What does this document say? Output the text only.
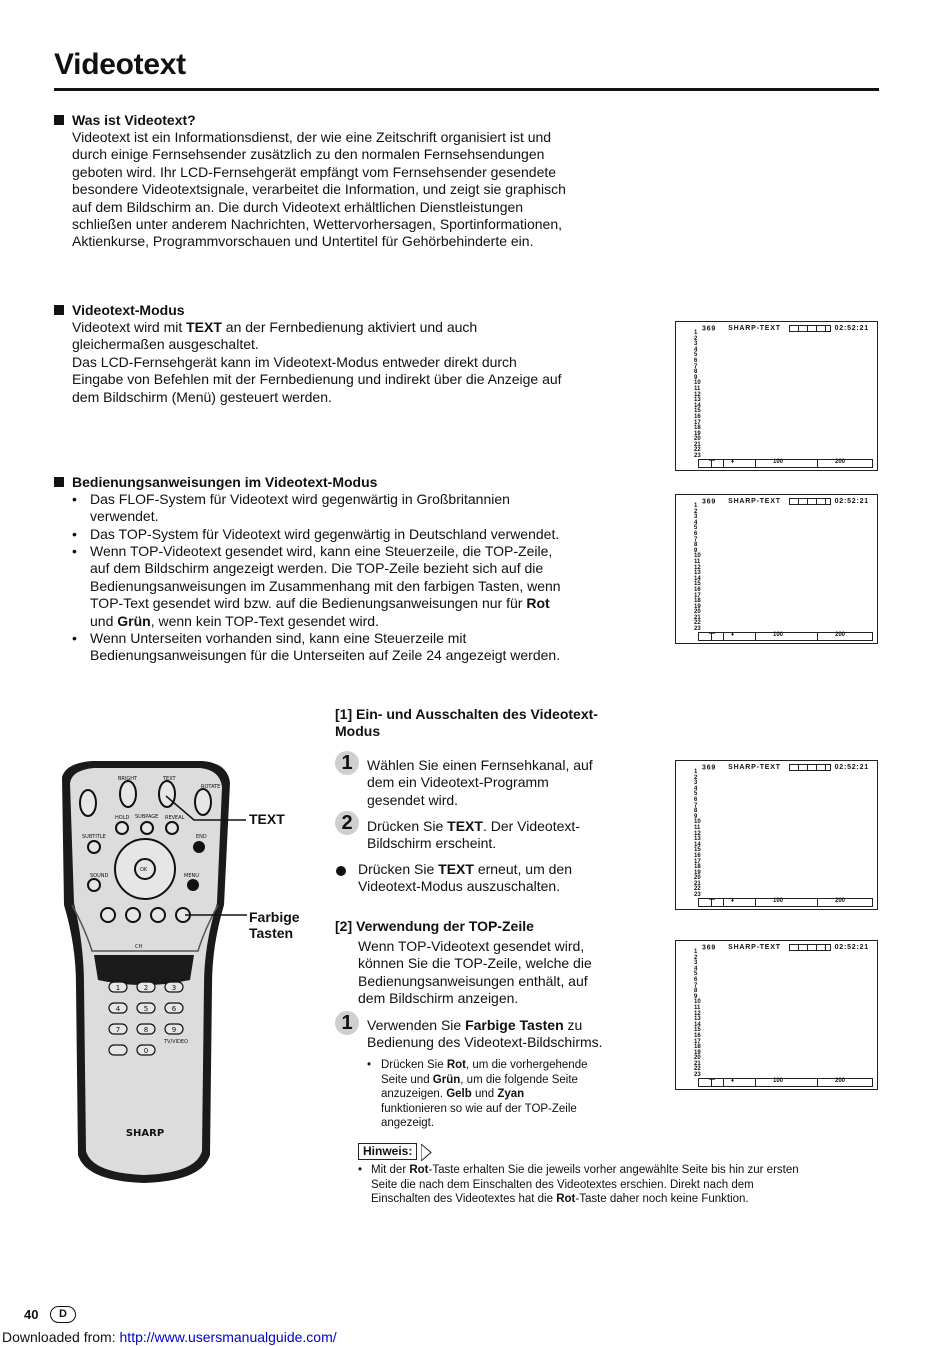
Videotext
Was ist Videotext?
Videotext ist ein Informationsdienst, der wie eine Zeitschrift organisiert ist und
durch einige Fernsehsender zusätzlich zu den normalen Fernsehsendungen
geboten wird. Ihr LCD-Fernsehgerät empfängt vom Fernsehsender gesendete
besondere Videotextsignale, verarbeitet die Information, und zeigt sie graphisch
auf dem Bildschirm an. Die durch Videotext erhältlichen Dienstleistungen
schließen unter anderem Nachrichten, Wettervorhersagen, Sportinformationen,
Aktienkurse, Programmvorschauen und Untertitel für Gehörbehinderte ein.
Videotext-Modus
Videotext wird mit TEXT an der Fernbedienung aktiviert und auch
gleichermaßen ausgeschaltet.
Das LCD-Fernsehgerät kann im Videotext-Modus entweder direkt durch
Eingabe von Befehlen mit der Fernbedienung und indirekt über die Anzeige auf
dem Bildschirm (Menü) gesteuert werden.
Bedienungsanweisungen im Videotext-Modus
• Das FLOF-System für Videotext wird gegenwärtig in Großbritannien
verwendet.
• Das TOP-System für Videotext wird gegenwärtig in Deutschland verwendet.
• Wenn TOP-Videotext gesendet wird, kann eine Steuerzeile, die TOP-Zeile,
auf dem Bildschirm angezeigt werden. Die TOP-Zeile bezieht sich auf die
Bedienungsanweisungen im Zusammenhang mit den farbigen Tasten, wenn
TOP-Text gesendet wird bzw. auf die Bedienungsanweisungen nur für Rot
und Grün, wenn kein TOP-Text gesendet wird.
• Wenn Unterseiten vorhanden sind, kann eine Steuerzeile mit
Bedienungsanweisungen für die Unterseiten auf Zeile 24 angezeigt werden.
369 SHARP-TEXT	02:52:21
1
2
3
4
5
6
7
8
9
10
11
12
13
14
15
16
17
18
19
20
21
22
23
—	♦	100	200
369 SHARP-TEXT	02:52:21
1
2
3
4
5
6
7
8
9
10
11
12
13
14
15
16
17
18
19
20
21
22
23
—	♦	100	200
369 SHARP-TEXT	02:52:21
1
2
3
4
5
6
7
8
9
10
11
12
13
14
15
16
17
18
19
20
21
22
23
—	♦	100	200
369 SHARP-TEXT	02:52:21
1
2
3
4
5
6
7
8
9
10
11
12
13
14
15
16
17
18
19
20
21
22
23
—	♦	100	200
[1] Ein- und Ausschalten des Videotext-
Modus
1	Wählen Sie einen Fernsehkanal, auf
dem ein Videotext-Programm
gesendet wird.
2	Drücken Sie TEXT. Der Videotext-
Bildschirm erscheint.
Drücken Sie TEXT erneut, um den
Videotext-Modus auszuschalten.
[2] Verwendung der TOP-Zeile
Wenn TOP-Videotext gesendet wird,
können Sie die TOP-Zeile, welche die
Bedienungsanweisungen enthält, auf
dem Bildschirm anzeigen.
1	Verwenden Sie Farbige Tasten zu
Bedienung des Videotext-Bildschirms.
• Drücken Sie Rot, um die vorhergehende
Seite und Grün, um die folgende Seite
anzuzeigen. Gelb und Zyan
funktionieren so wie auf der TOP-Zeile
angezeigt.
Hinweis:
• Mit der Rot-Taste erhalten Sie die jeweils vorher angewählte Seite bis hin zur ersten
Seite die nach dem Einschalten des Videotextes erschien. Direkt nach dem
Einschalten des Videotextes hat die Rot-Taste daher noch keine Funktion.
BRIGHT	TEXT
ROTATE
HOLD SUBPAGE REVEAL
SUBTITLE	END
SOUND	MENU
OK
CH
TV/VIDEO
1	2	3
4	5	6
7	8	9
0
SHARP
TEXT
Farbige
Tasten
40	D
Downloaded from: http://www.usersmanualguide.com/
